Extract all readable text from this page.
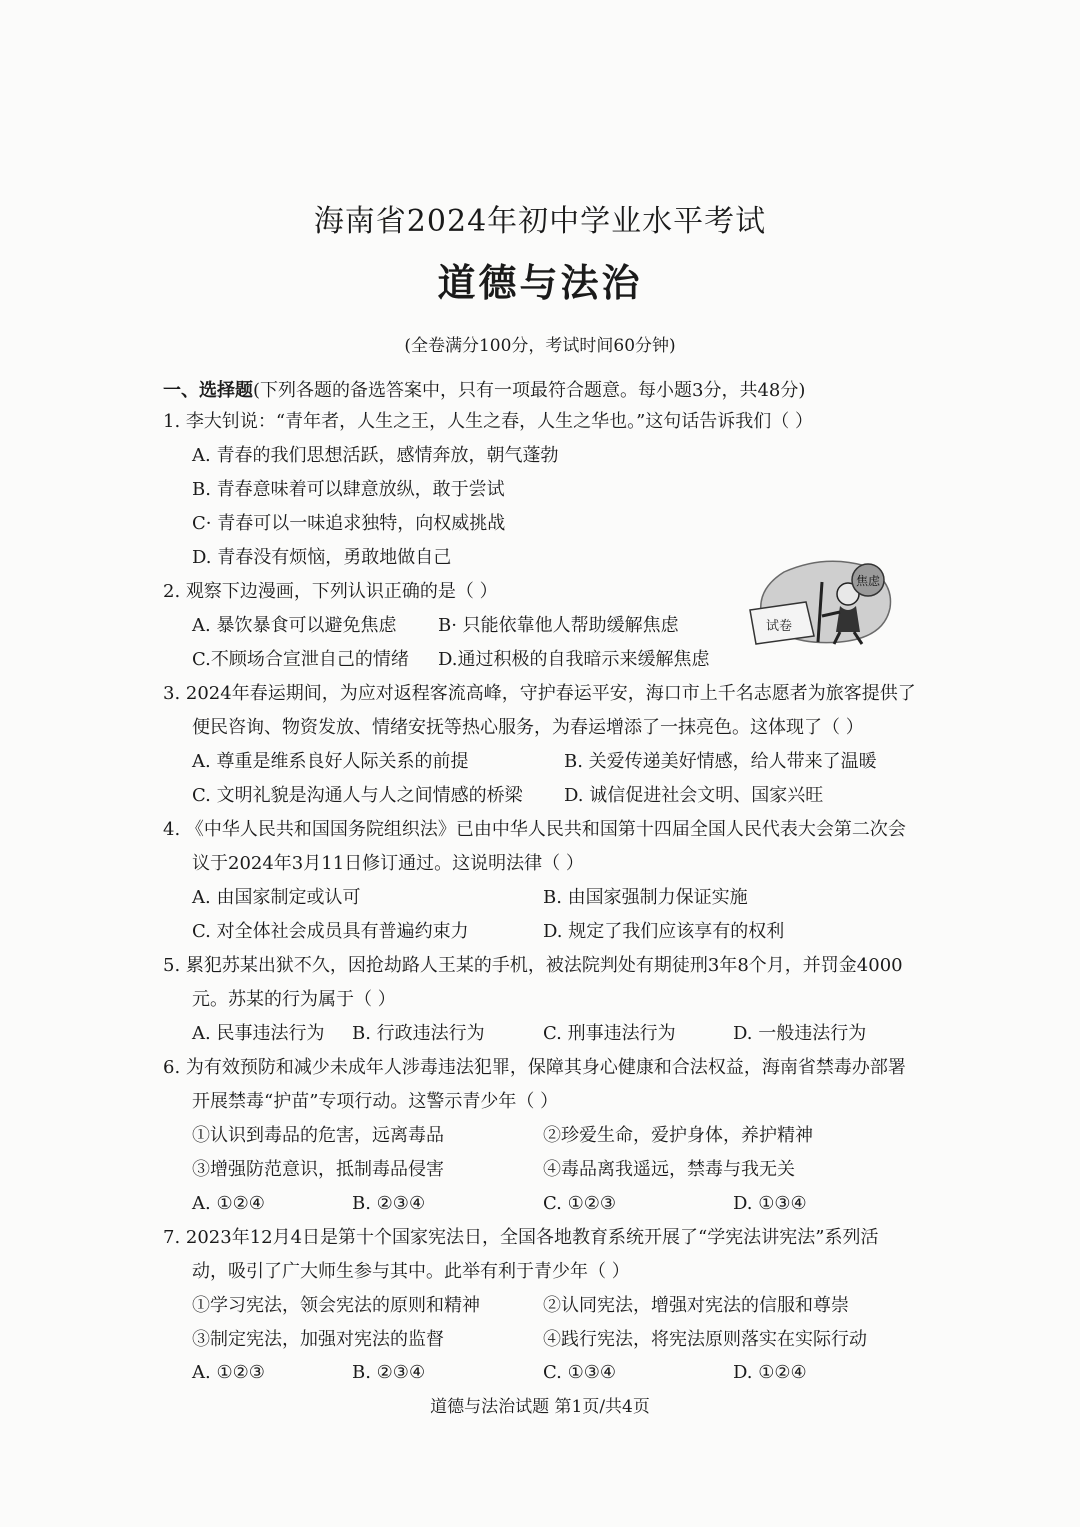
海南省2024年初中学业水平考试
道德与法治
(全卷满分100分，考试时间60分钟)
一、选择题(下列各题的备选答案中，只有一项最符合题意。每小题3分，共48分)
1. 李大钊说：“青年者，人生之王，人生之春，人生之华也。”这句话告诉我们（ ）
A. 青春的我们思想活跃，感情奔放，朝气蓬勃
B. 青春意味着可以肆意放纵，敢于尝试
C· 青春可以一味追求独特，向权威挑战
D. 青春没有烦恼，勇敢地做自己
2. 观察下边漫画，下列认识正确的是（ ）
A. 暴饮暴食可以避免焦虑 B· 只能依靠他人帮助缓解焦虑
C.不顾场合宣泄自己的情绪 D.通过积极的自我暗示来缓解焦虑
试卷
焦虑
3. 2024年春运期间，为应对返程客流高峰，守护春运平安，海口市上千名志愿者为旅客提供了
便民咨询、物资发放、情绪安抚等热心服务，为春运增添了一抹亮色。这体现了（ ）
A. 尊重是维系良好人际关系的前提	B. 关爱传递美好情感，给人带来了温暖
C. 文明礼貌是沟通人与人之间情感的桥梁 D. 诚信促进社会文明、国家兴旺
4. 《中华人民共和国国务院组织法》已由中华人民共和国第十四届全国人民代表大会第二次会
议于2024年3月11日修订通过。这说明法律（ ）
A. 由国家制定或认可	B. 由国家强制力保证实施
C. 对全体社会成员具有普遍约束力	D. 规定了我们应该享有的权利
5. 累犯苏某出狱不久，因抢劫路人王某的手机，被法院判处有期徒刑3年8个月，并罚金4000
元。苏某的行为属于（ ）
A. 民事违法行为 B. 行政违法行为	C. 刑事违法行为	D. 一般违法行为
6. 为有效预防和减少未成年人涉毒违法犯罪，保障其身心健康和合法权益，海南省禁毒办部署
开展禁毒“护苗”专项行动。这警示青少年（ ）
①认识到毒品的危害，远离毒品	②珍爱生命，爱护身体，养护精神
③增强防范意识，抵制毒品侵害	④毒品离我遥远，禁毒与我无关
A. ①②④	B. ②③④	C. ①②③	D. ①③④
7. 2023年12月4日是第十个国家宪法日，全国各地教育系统开展了“学宪法讲宪法”系列活
动，吸引了广大师生参与其中。此举有利于青少年（ ）
①学习宪法，领会宪法的原则和精神	②认同宪法，增强对宪法的信服和尊崇
③制定宪法，加强对宪法的监督	④践行宪法，将宪法原则落实在实际行动
A. ①②③	B. ②③④	C. ①③④	D. ①②④
道德与法治试题 第1页/共4页
